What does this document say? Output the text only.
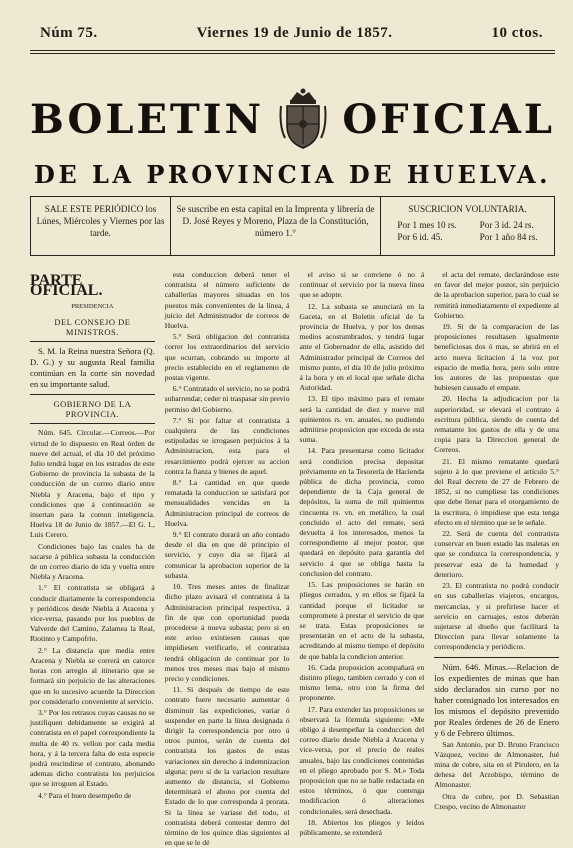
Núm 75.	Viernes 19 de Junio de 1857.	10 ctos.
BOLETIN OFICIAL
DE LA PROVINCIA DE HUELVA.
SALE ESTE PERIÓDICO los Lúnes, Miércoles y Viernes por las tarde.
Se suscribe en esta capital en la Imprenta y librería de D. José Reyes y Moreno, Plaza de la Constitución, número 1.°
SUSCRICION VOLUNTARIA.
Por 1 mes 10 rs.
Por 6 id. 45.
Por 3 id. 24 rs.
Por 1 año 84 rs.

PARTE OFICIAL.

PRESIDENCIA

DEL CONSEJO DE MINISTROS.

S. M. la Reina nuestra Señora (Q. D. G.) y su augusta Real familia continúan en la corte sin novedad en su importante salud.

GOBIERNO DE LA PROVINCIA.

Núm. 645. Circular.—Correos.—Por virtud de lo dispuesto en Real órden de nueve del actual, el día 10 del próximo Julio tendrá lugar en los estrados de este Gobierno de provincia la subasta de la conducción de un correo diario entre Niebla y Aracena, bajo el tipo y condiciones que á continuación se insertan para la comun inteligencia. Huelva 18 de Junio de 1857.—El G. I., Luis Cerero.

Condiciones bajo las cuales ha de sacarse á pública subasta la conducción de un correo diario de ida y vuelta entre Niebla y Aracena.

1.° El contratista se obligará á conducir diariamente la correspondencia y periódicos desde Niebla á Aracena y vice-versa, pasando por los pueblos de Valverde del Camino, Zalamea la Real, Riotinto y Campofrio.

2.° La distancia que media entre Aracena y Niebla se correrá en catorce horas con arreglo al itinerario que se formará sin perjuicio de las alteraciones que en lo sucesivo acuerde la Direccion por considerarlo conveniente al servicio.

3.° Por los retrasos cuyas causas no se justifiquen debidamente se exigirá al contratista en el papel correspondiente la multa de 40 rs. vellon por cada media hora, y á la tercera falta de esta especie podrá rescindirse el contrato, abonando ademas dicho contratista los perjuicios que se irroguen al Estado.

4.° Para el buen desempeño de

esta conduccion deberá tener el contratista el número suficiente de caballerías mayores situadas en los puestos más convenientes de la línea, á juicio del Administrador de correos de Huelva.

5.° Será obligacion del contratista correr los extraordinarios del servicio que ocurran, cobrando su importe al precio establecido en el reglamento de postas vigente.

6.° Contratado el servicio, no se podrá subarrendar, ceder ni traspasar sin previo permiso del Gobierno.

7.° Si por faltar el contratista á cualquiera de las condiciones estipuladas se irrogasen perjuicios á la Administracion, esta para el resarcimiento podrá ejercer su accion contra la fianza y bienes de aquel.

8.° La cantidad en que quede rematada la conduccion se satisfará por mensualidades vencidas en la Administracion principal de correos de Huelva.

9.° El contrato durará un año contado desde el dia en que dé principio el servicio, y cuyo dia se fijará al comunicar la aprobacion superior de la subasta.

10. Tres meses antes de finalizar dicho plazo avisará el contratista á la Administracion principal respectiva, á fin de que con oportunidad pueda procederse á nueva subasta; pero si en este aviso existiesen causas que impidiesen verificarlo, el contratista tendrá obligacion de continuar por lo menos tres meses mas bajo el mismo precio y condiciones.

11. Si después de tiempo de este contrato fuere necesario aumentar ó disminuir las expediciones, variar ó suspender en parte la línea designada ó dirigir la correspondencia por otro ú otros puntos, serán de cuenta del contratista los gastos de estas variaciones sin derecho á indemnizacion alguna; pero si de la variacion resultare aumento de distancia, el Gobierno determinará el abono por cuenta del Estado de lo que corresponda á prorata. Si la línea se variase del todo, el contratista deberá contestar dentro del término de los quince dias siguientes al en que se le dé

el aviso si se conviene ó no á continuar el servicio por la nueva línea que se adopte.

12. La subasta se anunciará en la Gaceta, en el Boletin oficial de la provincia de Huelva, y por los demas medios acostumbrados, y tendrá lugar ante el Gobernador de ella, asistido del Administrador principal de Correos del mismo punto, el dia 10 de julio próximo á la hora y en el local que señale dicha Autoridad.

13. El tipo máximo para el remate será la cantidad de diez y nueve mil quinientos rs. vn. anuales, no pudiendo admitirse proposicion que exceda de esta suma.

14. Para presentarse como licitador será condicion precisa depositar préviamente en la Tesorería de Hacienda pública de dicha provincia, como dependiente de la Caja general de depósitos, la suma de mil quinientos cincuenta rs. vn. en metálico, la cual concluido el acto del remate, será devuelta á los interesados, menos la correspondiente al mejor postor, que quedará en depósito para garantía del servicio á que se obliga hasta la conclusion del contrato.

15. Las proposiciones se harán en pliegos cerrados, y en ellos se fijará la cantidad porque el licitador se compromete á prestar el servicio de que se trata. Estas proposiciones se presentarán en el acto de la subasta, acreditando al mismo tiempo el depósito de que habla la condicion anterior.

16. Cada proposicion acompañará en distinto pliego, tambien cerrado y con el mismo lema, otro con la firma del proponente.

17. Para extender las proposiciones se observará la fórmula siguiente: «Me obligo á desempeñar la conduccion del correo diario desde Niebla á Aracena y vice-versa, por el precio de reales anuales, bajo las condiciones contenidas en el pliego aprobado por S. M.» Toda proposicion que no se halle redactada en estos términos, ó que contenga modificacion ó alteraciones condicionales, será desechada.

18. Abiertos los pliegos y leidos públicamente, se extenderá

el acta del remate, declarándose este en favor del mejor postor, sin perjuicio de la aprobacion superior, para lo cual se remitirá inmediatamente el expediente al Gobierno.

19. Si de la comparacion de las proposiciones resultasen igualmente beneficiosas dos ó mas, se abrirá en el acto nueva licitacion á la voz por espacio de media hora, pero solo entre los autores de las propuestas que hubiesen causado el empate.

20. Hecha la adjudicacion por la superioridad, se elevará el contrato á escritura pública, siendo de cuenta del rematante los gastos de ella y de una copia para la Direccion general de Correos.

21. El mismo rematante quedará sujeto á lo que previene el artículo 5.° del Real decreto de 27 de Febrero de 1852, si no cumpliese las condiciones que debe llenar para el otorgamiento de la escritura, ó impidiese que esta tenga efecto en el término que se le señale.

22. Será de cuenta del contratista conservar en buen estado las maletas en que se conduzca la correspondencia, y preservar esta de la humedad y deterioro.

23. El contratista no podrá conducir en sus caballerías viajeros, encargos, mercancías, y si prefiriese hacer el servicio en carruajes, estos deberán sujetarse al diseño que facilitará la Direccion para llevar solamente la correspondencia y periódicos.

Núm. 646. Minas.—Relacion de los expedientes de minas que han sido declarados sin curso por no haber consignado los interesados en los mismos el depósito prevenido por Reales órdenes de 26 de Enero y 6 de Febrero últimos.

San Antonio, por D. Bruno Francisco Vázquez, vecino de Almonaster, fué mina de cobre, sita en el Pirulero, en la dehesa del Arzobispo, término de Almonaster.

Otra de cobre, por D. Sebastian Crespo, vecino de Almonaster
